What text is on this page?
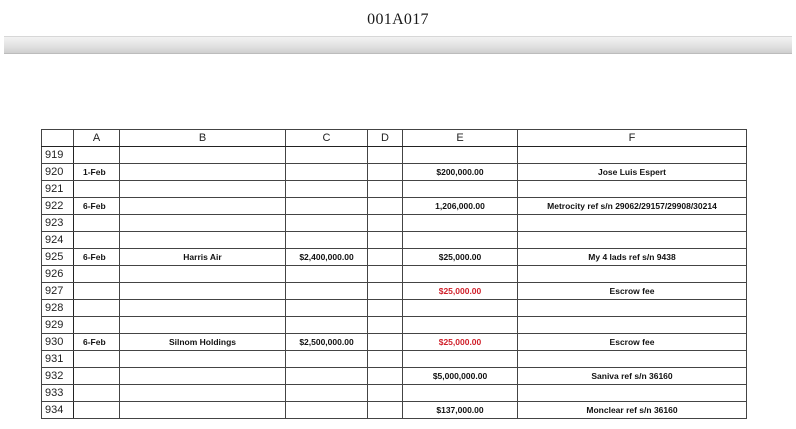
001A017
	A	B	C	D	E	F
919						
920	1-Feb				$200,000.00	Jose Luis Espert
921						
922	6-Feb				1,206,000.00	Metrocity ref s/n 29062/29157/29908/30214
923						
924						
925	6-Feb	Harris Air	$2,400,000.00		$25,000.00	My 4 lads ref s/n 9438
926						
927					$25,000.00	Escrow fee
928						
929						
930	6-Feb	Silnom Holdings	$2,500,000.00		$25,000.00	Escrow fee
931						
932					$5,000,000.00	Saniva ref s/n 36160
933						
934					$137,000.00	Monclear ref s/n 36160
